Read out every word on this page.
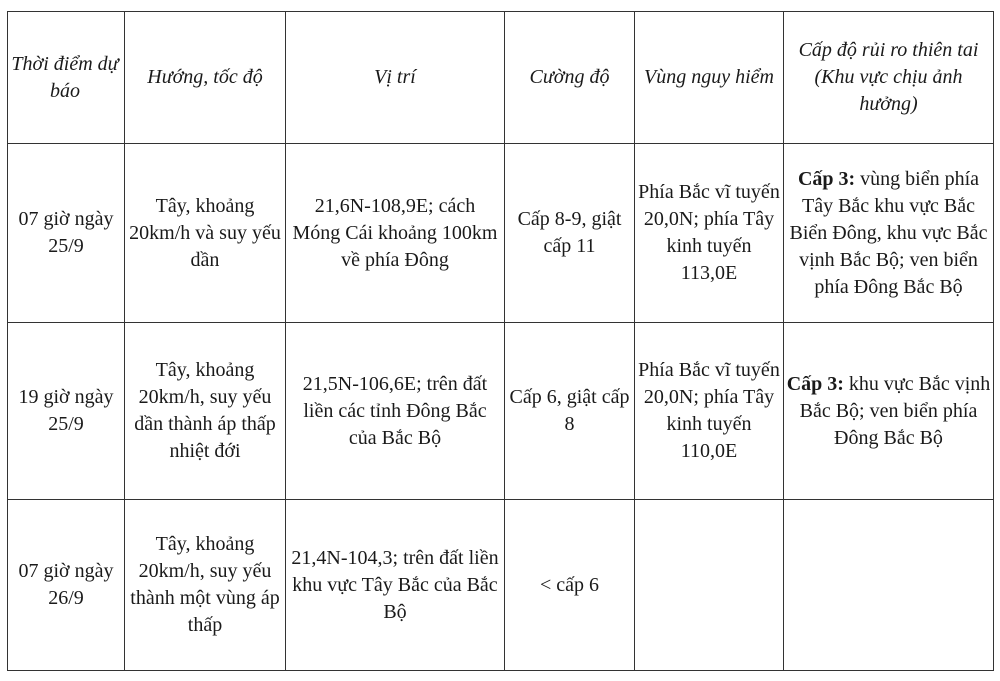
Thời điểm dự báo	Hướng, tốc độ	Vị trí	Cường độ	Vùng nguy hiểm	Cấp độ rủi ro thiên tai (Khu vực chịu ảnh hưởng)
07 giờ ngày 25/9	Tây, khoảng 20km/h và suy yếu dần	21,6N-108,9E; cách Móng Cái khoảng 100km về phía Đông	Cấp 8-9, giật cấp 11	Phía Bắc vĩ tuyến 20,0N; phía Tây kinh tuyến 113,0E	Cấp 3: vùng biển phía Tây Bắc khu vực Bắc Biển Đông, khu vực Bắc vịnh Bắc Bộ; ven biển phía Đông Bắc Bộ
19 giờ ngày 25/9	Tây, khoảng 20km/h, suy yếu dần thành áp thấp nhiệt đới	21,5N-106,6E; trên đất liền các tỉnh Đông Bắc của Bắc Bộ	Cấp 6, giật cấp 8	Phía Bắc vĩ tuyến 20,0N; phía Tây kinh tuyến 110,0E	Cấp 3: khu vực Bắc vịnh Bắc Bộ; ven biển phía Đông Bắc Bộ
07 giờ ngày 26/9	Tây, khoảng 20km/h, suy yếu thành một vùng áp thấp	21,4N-104,3; trên đất liền khu vực Tây Bắc của Bắc Bộ	< cấp 6		
